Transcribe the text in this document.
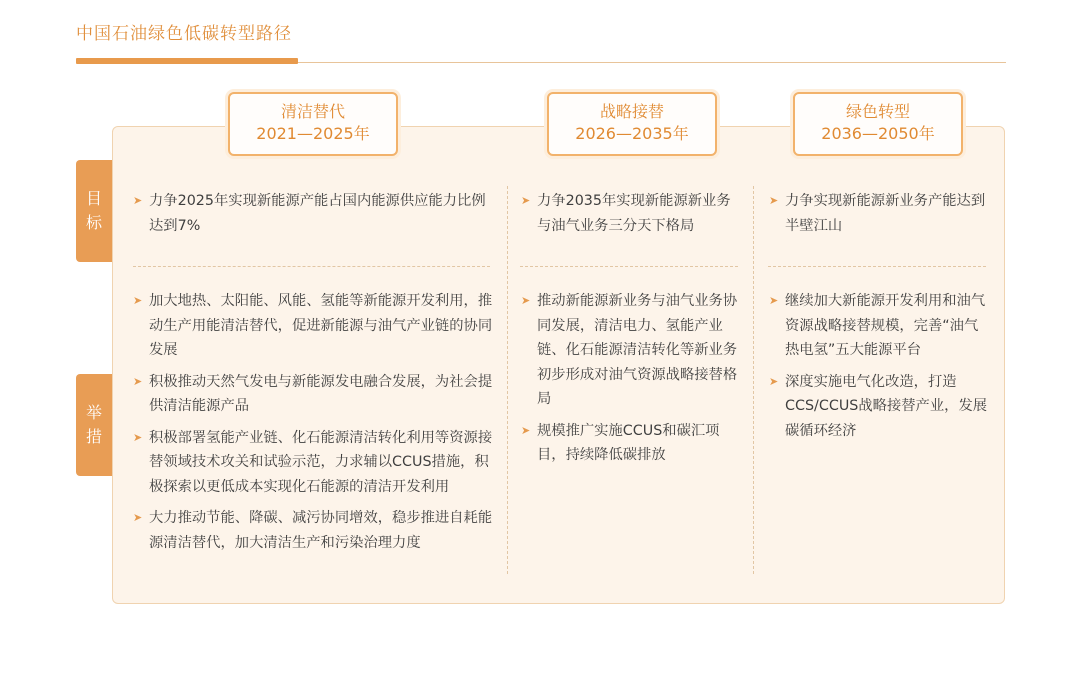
中国石油绿色低碳转型路径
清洁替代
2021—2025年
战略接替
2026—2035年
绿色转型
2036—2050年
目
标
举
措
➤ 力争2025年实现新能源产能占国内能源供应能力比例达到7%
➤ 加大地热、太阳能、风能、氢能等新能源开发利用，推动生产用能清洁替代，促进新能源与油气产业链的协同发展
➤ 积极推动天然气发电与新能源发电融合发展，为社会提供清洁能源产品
➤ 积极部署氢能产业链、化石能源清洁转化利用等资源接替领域技术攻关和试验示范，力求辅以CCUS措施，积极探索以更低成本实现化石能源的清洁开发利用
➤ 大力推动节能、降碳、减污协同增效，稳步推进自耗能源清洁替代，加大清洁生产和污染治理力度
➤ 力争2035年实现新能源新业务与油气业务三分天下格局
➤ 推动新能源新业务与油气业务协同发展，清洁电力、氢能产业链、化石能源清洁转化等新业务初步形成对油气资源战略接替格局
➤ 规模推广实施CCUS和碳汇项目，持续降低碳排放
➤ 力争实现新能源新业务产能达到半壁江山
➤ 继续加大新能源开发利用和油气资源战略接替规模，完善“油气热电氢”五大能源平台
➤ 深度实施电气化改造，打造CCS/CCUS战略接替产业，发展碳循环经济
